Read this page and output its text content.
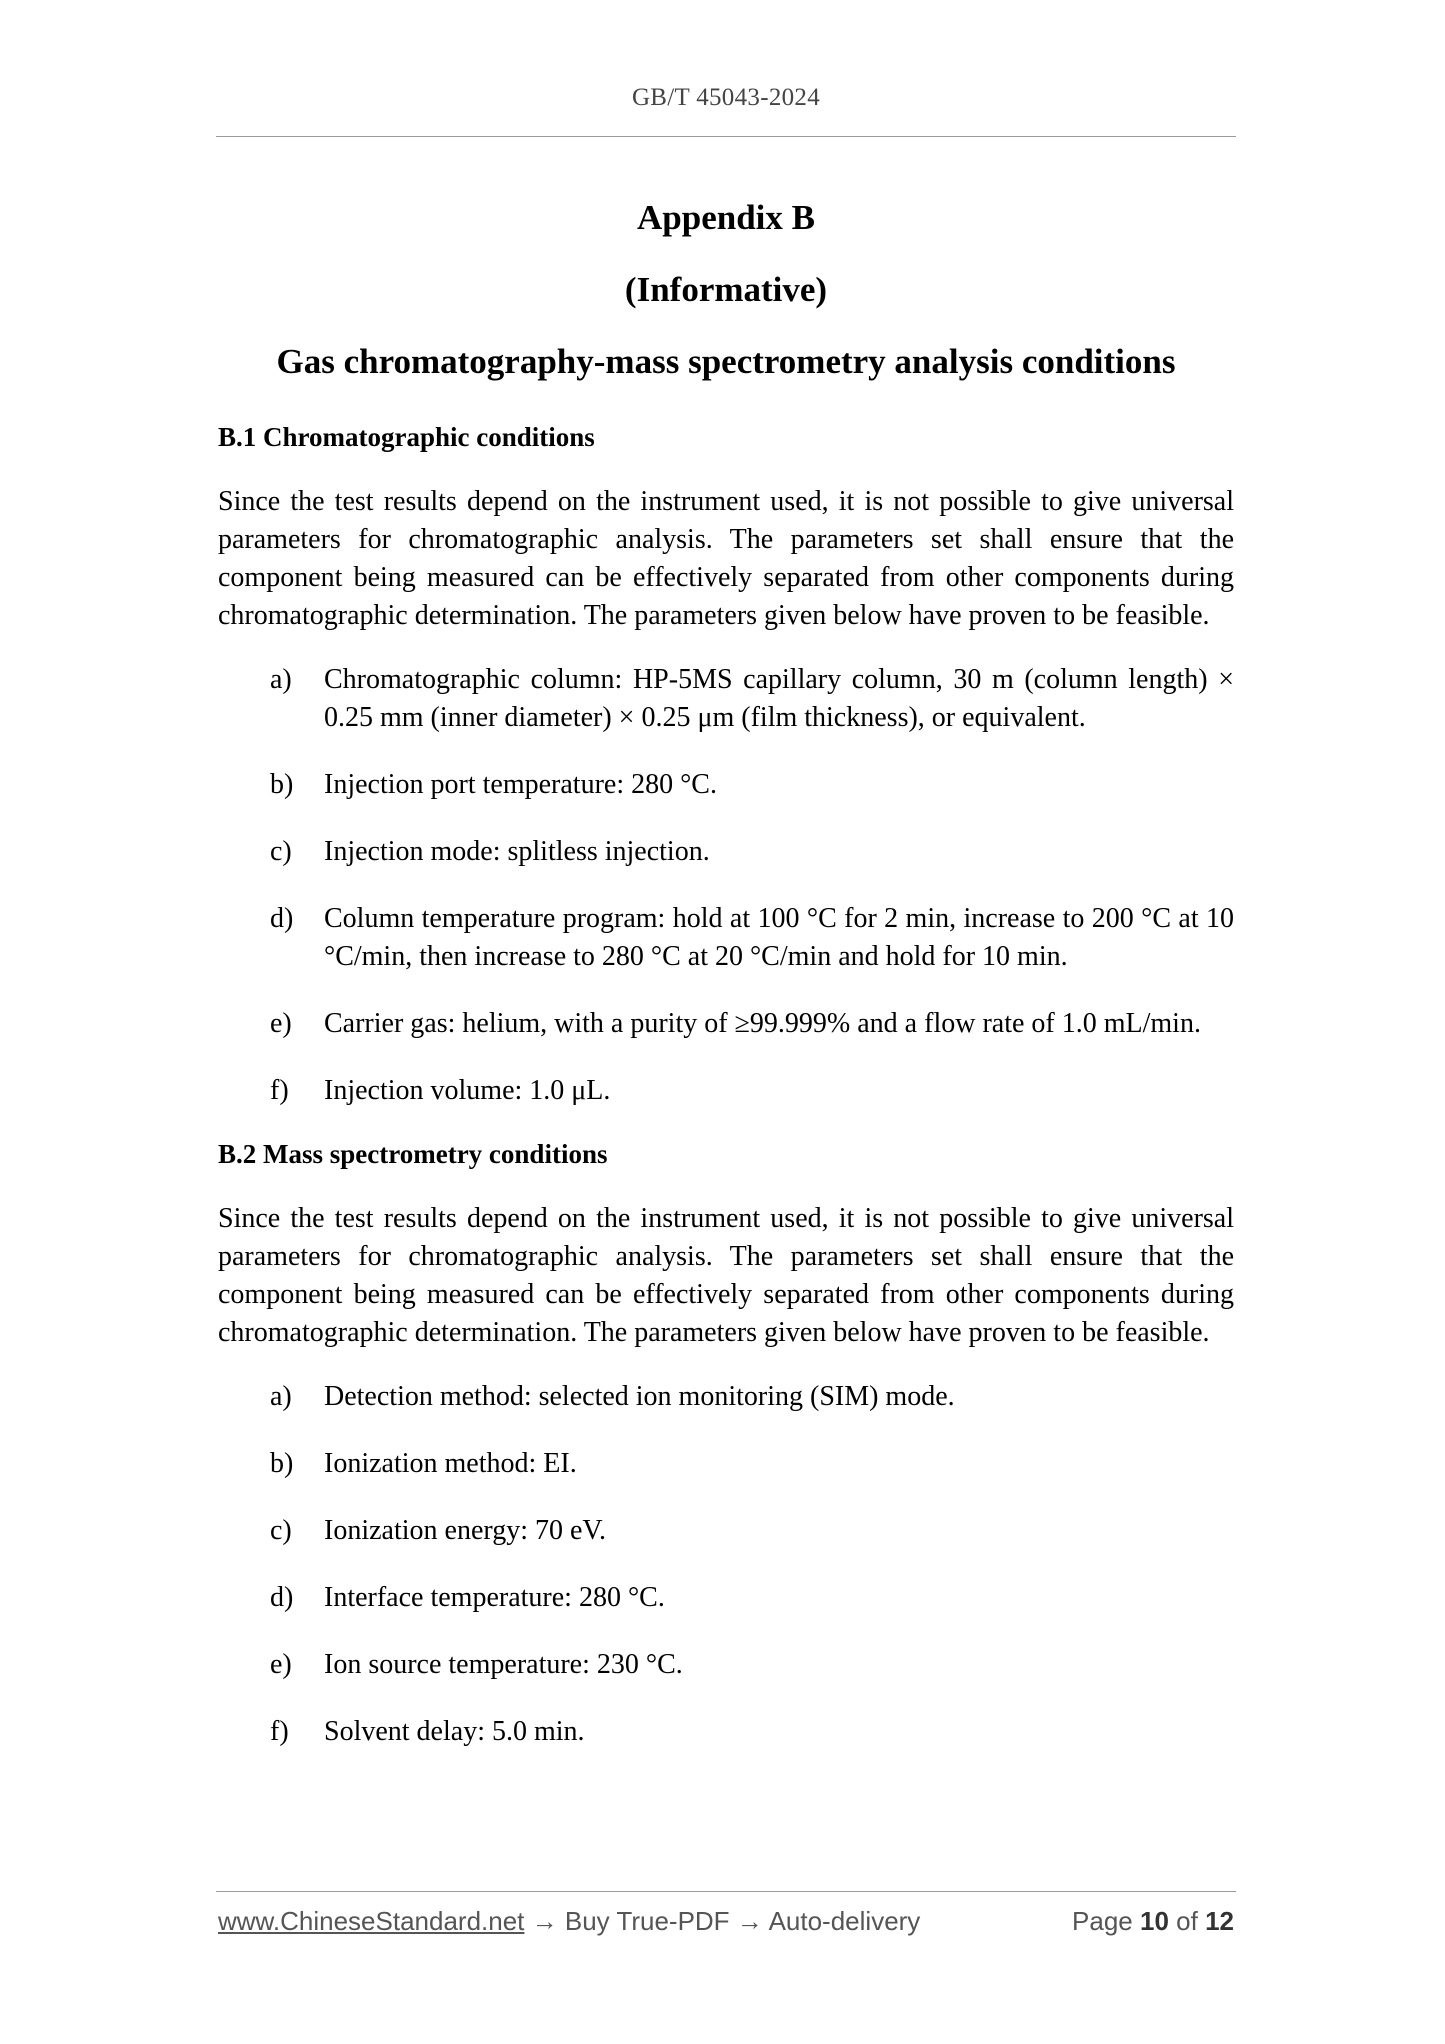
GB/T 45043-2024
Appendix B
(Informative)
Gas chromatography-mass spectrometry analysis conditions
B.1 Chromatographic conditions

Since the test results depend on the instrument used, it is not possible to give universal parameters for chromatographic analysis. The parameters set shall ensure that the component being measured can be effectively separated from other components during chromatographic determination. The parameters given below have proven to be feasible.

a) Chromatographic column: HP-5MS capillary column, 30 m (column length) × 0.25 mm (inner diameter) × 0.25 μm (film thickness), or equivalent.
b) Injection port temperature: 280 °C.
c) Injection mode: splitless injection.
d) Column temperature program: hold at 100 °C for 2 min, increase to 200 °C at 10 °C/min, then increase to 280 °C at 20 °C/min and hold for 10 min.
e) Carrier gas: helium, with a purity of ≥99.999% and a flow rate of 1.0 mL/min.
f) Injection volume: 1.0 μL.
B.2 Mass spectrometry conditions

Since the test results depend on the instrument used, it is not possible to give universal parameters for chromatographic analysis. The parameters set shall ensure that the component being measured can be effectively separated from other components during chromatographic determination. The parameters given below have proven to be feasible.

a) Detection method: selected ion monitoring (SIM) mode.
b) Ionization method: EI.
c) Ionization energy: 70 eV.
d) Interface temperature: 280 °C.
e) Ion source temperature: 230 °C.
f) Solvent delay: 5.0 min.
www.ChineseStandard.net → Buy True-PDF → Auto-delivery	Page 10 of 12
